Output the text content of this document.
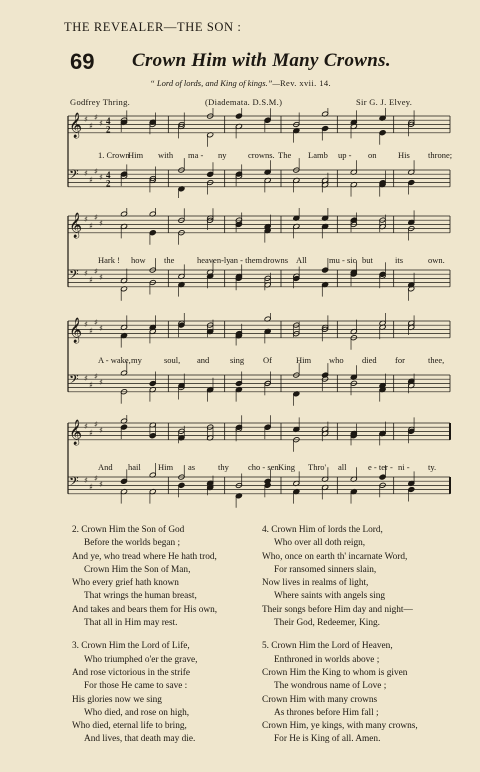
THE REVEALER—THE SON :
69 Crown Him with Many Crowns.
“ Lord of lords, and King of kings.”—Rev. xvii. 14.
Godfrey Thring.	(Diademata. D.S.M.)	Sir G. J. Elvey.
𝄞 ♯
♯
♯
♯ 4
2
𝄢 ♯
♯
♯
♯ 4
2
1. Crown
Him with ma - ny	crowns. The Lamb up - on	His throne;
𝄞 ♯
♯
♯
♯
𝄢 ♯
♯
♯
♯
Hark ! how the	heaven-ly an - them drowns All	mu - sic but	its	own.
𝄞 ♯
♯
♯
♯
𝄢 ♯
♯
♯
♯
A - wake, my	soul, and sing Of	Him who died for	thee,
𝄞 ♯
♯
♯
♯
𝄢 ♯
♯
♯
♯
And hail Him as	thy cho - sen King Thro' all	e - ter - ni - ty.
2. Crown Him the Son of God
Before the worlds began ;
And ye, who tread where He hath trod,
Crown Him the Son of Man,
Who every grief hath known
That wrings the human breast,
And takes and bears them for His own,
That all in Him may rest.
3. Crown Him the Lord of Life,
Who triumphed o'er the grave,
And rose victorious in the strife
For those He came to save :
His glories now we sing
Who died, and rose on high,
Who died, eternal life to bring,
And lives, that death may die.
4. Crown Him of lords the Lord,
Who over all doth reign,
Who, once on earth th' incarnate Word,
For ransomed sinners slain,
Now lives in realms of light,
Where saints with angels sing
Their songs before Him day and night—
Their God, Redeemer, King.
5. Crown Him the Lord of Heaven,
Enthroned in worlds above ;
Crown Him the King to whom is given
The wondrous name of Love ;
Crown Him with many crowns
As thrones before Him fall ;
Crown Him, ye kings, with many crowns,
For He is King of all. Amen.
